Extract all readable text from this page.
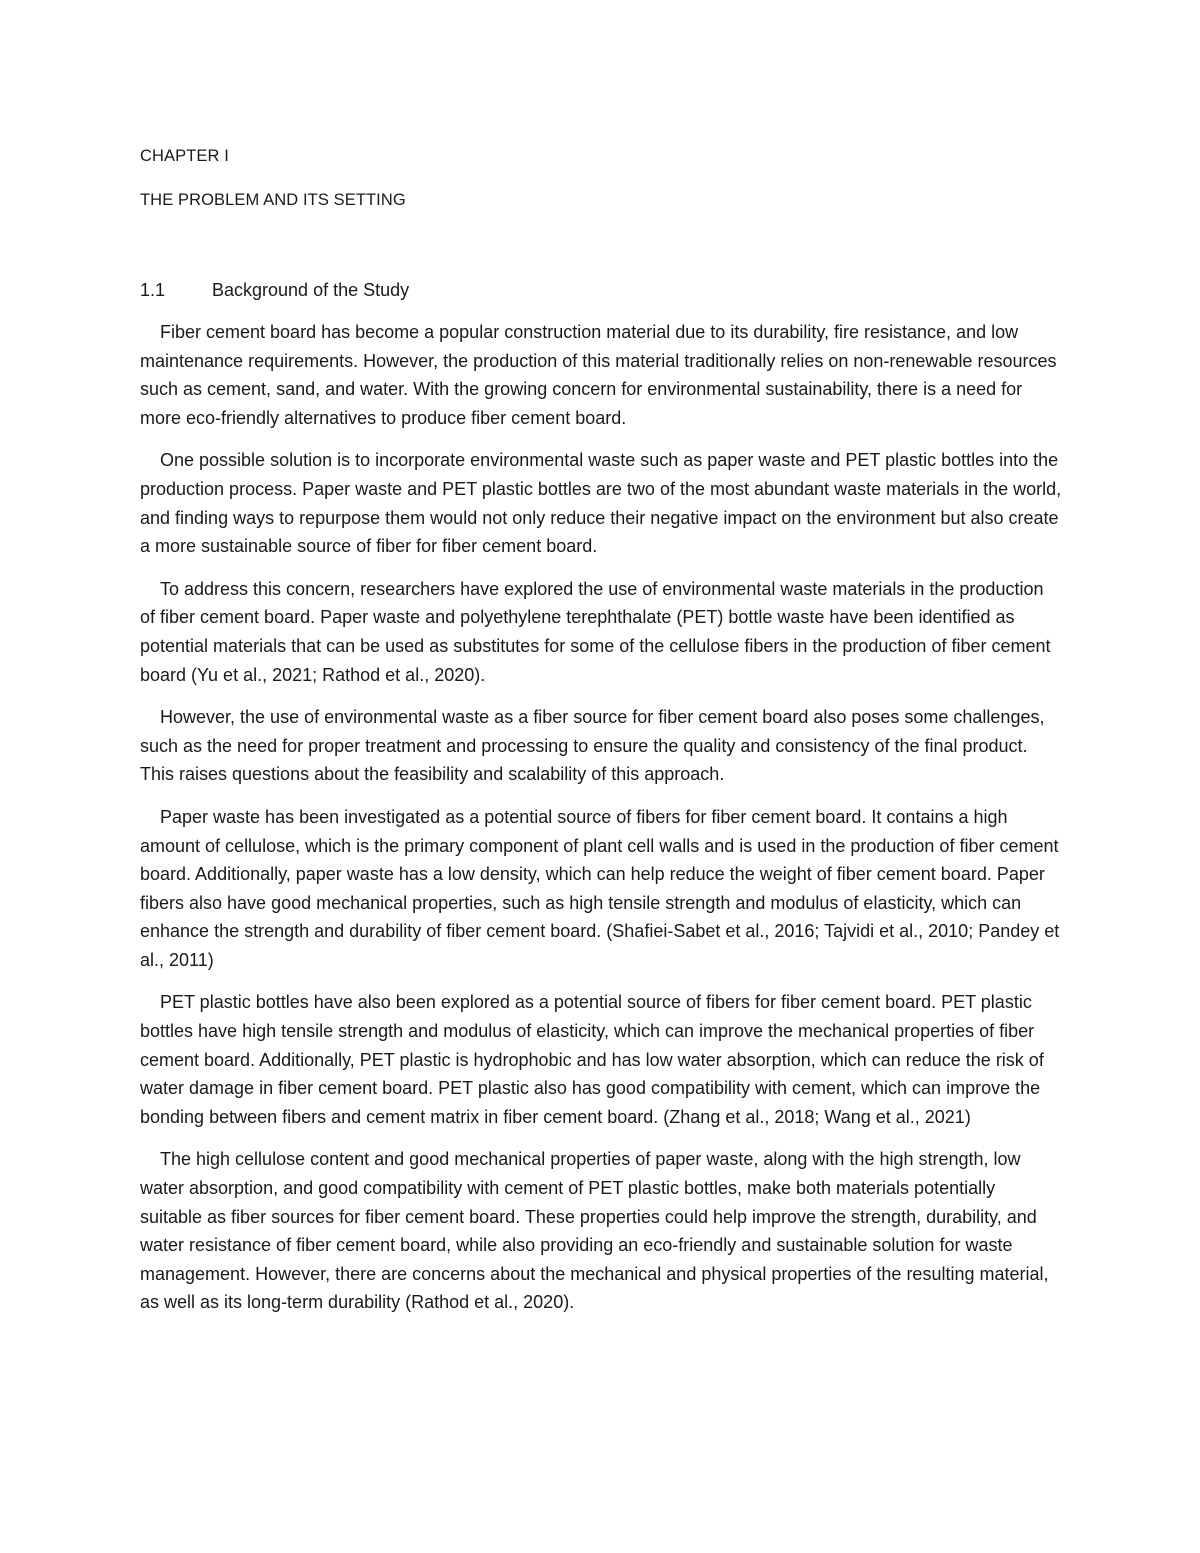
CHAPTER I

THE PROBLEM AND ITS SETTING

1.1	Background of the Study

Fiber cement board has become a popular construction material due to its durability, fire resistance, and low maintenance requirements. However, the production of this material traditionally relies on non-renewable resources such as cement, sand, and water. With the growing concern for environmental sustainability, there is a need for more eco-friendly alternatives to produce fiber cement board.

One possible solution is to incorporate environmental waste such as paper waste and PET plastic bottles into the production process. Paper waste and PET plastic bottles are two of the most abundant waste materials in the world, and finding ways to repurpose them would not only reduce their negative impact on the environment but also create a more sustainable source of fiber for fiber cement board.

To address this concern, researchers have explored the use of environmental waste materials in the production of fiber cement board. Paper waste and polyethylene terephthalate (PET) bottle waste have been identified as potential materials that can be used as substitutes for some of the cellulose fibers in the production of fiber cement board (Yu et al., 2021; Rathod et al., 2020).

However, the use of environmental waste as a fiber source for fiber cement board also poses some challenges, such as the need for proper treatment and processing to ensure the quality and consistency of the final product. This raises questions about the feasibility and scalability of this approach.

Paper waste has been investigated as a potential source of fibers for fiber cement board. It contains a high amount of cellulose, which is the primary component of plant cell walls and is used in the production of fiber cement board. Additionally, paper waste has a low density, which can help reduce the weight of fiber cement board. Paper fibers also have good mechanical properties, such as high tensile strength and modulus of elasticity, which can enhance the strength and durability of fiber cement board. (Shafiei-Sabet et al., 2016; Tajvidi et al., 2010; Pandey et al., 2011)

PET plastic bottles have also been explored as a potential source of fibers for fiber cement board. PET plastic bottles have high tensile strength and modulus of elasticity, which can improve the mechanical properties of fiber cement board. Additionally, PET plastic is hydrophobic and has low water absorption, which can reduce the risk of water damage in fiber cement board. PET plastic also has good compatibility with cement, which can improve the bonding between fibers and cement matrix in fiber cement board. (Zhang et al., 2018; Wang et al., 2021)

The high cellulose content and good mechanical properties of paper waste, along with the high strength, low water absorption, and good compatibility with cement of PET plastic bottles, make both materials potentially suitable as fiber sources for fiber cement board. These properties could help improve the strength, durability, and water resistance of fiber cement board, while also providing an eco-friendly and sustainable solution for waste management. However, there are concerns about the mechanical and physical properties of the resulting material, as well as its long-term durability (Rathod et al., 2020).
